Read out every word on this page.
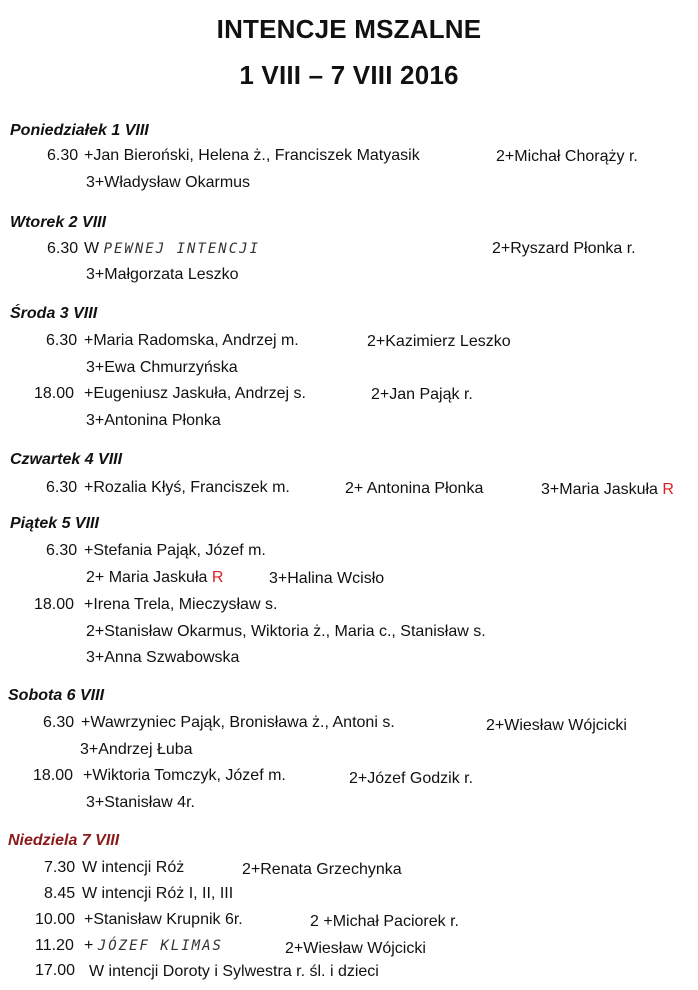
INTENCJE MSZALNE
1 VIII – 7 VIII 2016
Poniedziałek 1 VIII
6.30 +Jan Bieroński, Helena ż., Franciszek Matyasik	2+Michał Chorąży r.
3+Władysław Okarmus
Wtorek 2 VIII
6.30 W PEWNEJ INTENCJI	2+Ryszard Płonka r.
3+Małgorzata Leszko
Środa 3 VIII
6.30 +Maria Radomska, Andrzej m.	2+Kazimierz Leszko
3+Ewa Chmurzyńska
18.00 +Eugeniusz Jaskuła, Andrzej s.	2+Jan Pająk r.
3+Antonina Płonka
Czwartek 4 VIII
6.30 +Rozalia Kłyś, Franciszek m.	2+ Antonina Płonka	3+Maria Jaskuła R
Piątek 5 VIII
6.30 +Stefania Pająk, Józef m.
2+ Maria Jaskuła R	3+Halina Wcisło
18.00 +Irena Trela, Mieczysław s.
2+Stanisław Okarmus, Wiktoria ż., Maria c., Stanisław s.
3+Anna Szwabowska
Sobota 6 VIII
6.30 +Wawrzyniec Pająk, Bronisława ż., Antoni s.	2+Wiesław Wójcicki
3+Andrzej Łuba
18.00 +Wiktoria Tomczyk, Józef m.	2+Józef Godzik r.
3+Stanisław 4r.
Niedziela 7 VIII
7.30 W intencji Róż	2+Renata Grzechynka
8.45 W intencji Róż I, II, III
10.00 +Stanisław Krupnik 6r.	2 +Michał Paciorek r.
11.20 + JÓZEF KLIMAS	2+Wiesław Wójcicki
17.00 W intencji Doroty i Sylwestra r. śl. i dzieci
